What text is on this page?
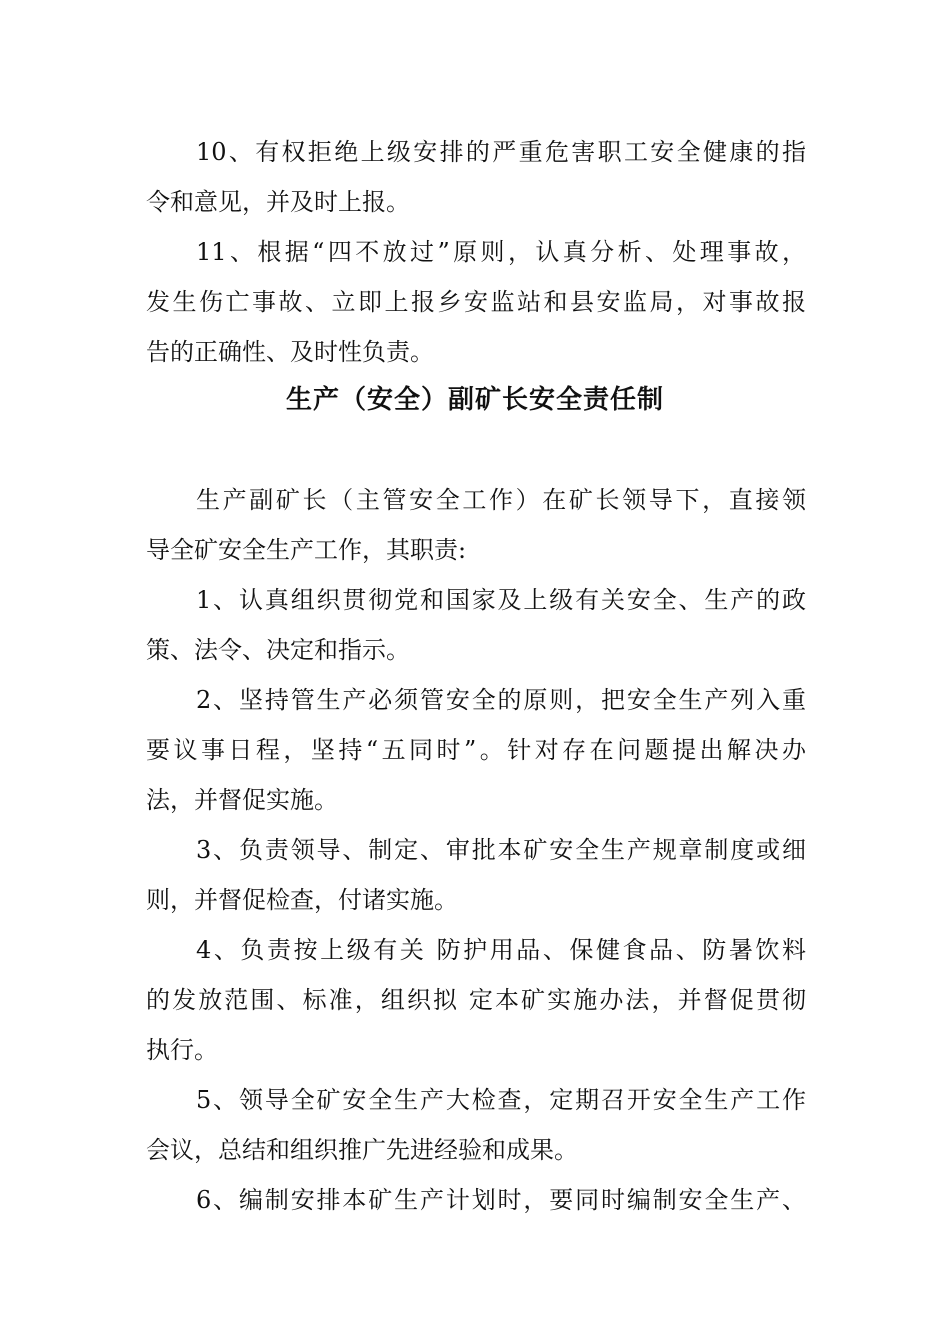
10、有权拒绝上级安排的严重危害职工安全健康的指
令和意见，并及时上报。
11、根据“四不放过”原则，认真分析、处理事故，
发生伤亡事故、立即上报乡安监站和县安监局，对事故报
告的正确性、及时性负责。
生产（安全）副矿长安全责任制
生产副矿长（主管安全工作）在矿长领导下，直接领
导全矿安全生产工作，其职责:
1、认真组织贯彻党和国家及上级有关安全、生产的政
策、法令、决定和指示。
2、坚持管生产必须管安全的原则，把安全生产列入重
要议事日程，坚持“五同时”。针对存在问题提出解决办
法，并督促实施。
3、负责领导、制定、审批本矿安全生产规章制度或细
则，并督促检查，付诸实施。
4、负责按上级有关 防护用品、保健食品、防暑饮料
的发放范围、标准，组织拟 定本矿实施办法，并督促贯彻
执行。
5、领导全矿安全生产大检查，定期召开安全生产工作
会议，总结和组织推广先进经验和成果。
6、编制安排本矿生产计划时，要同时编制安全生产、
